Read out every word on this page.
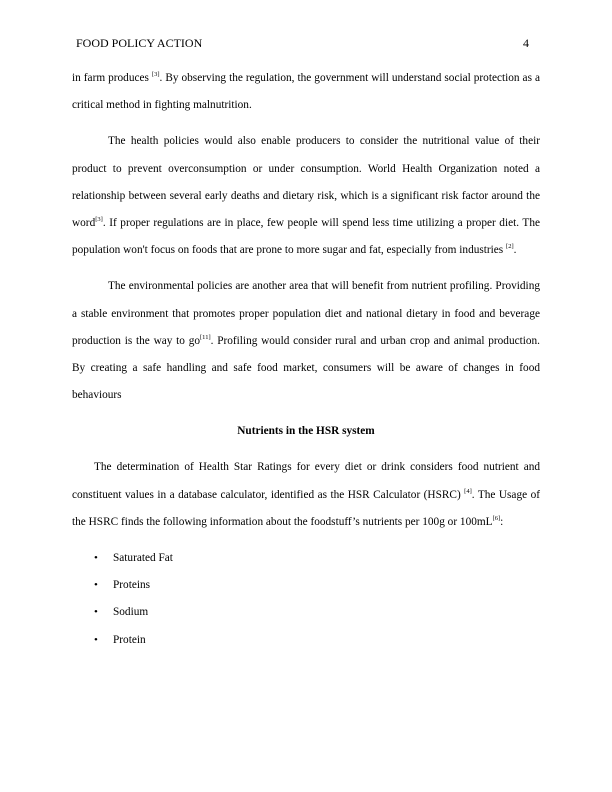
FOOD POLICY ACTION	4

in farm produces [3]. By observing the regulation, the government will understand social protection as a critical method in fighting malnutrition.

The health policies would also enable producers to consider the nutritional value of their product to prevent overconsumption or under consumption. World Health Organization noted a relationship between several early deaths and dietary risk, which is a significant risk factor around the word[3]. If proper regulations are in place, few people will spend less time utilizing a proper diet. The population won't focus on foods that are prone to more sugar and fat, especially from industries [2].

The environmental policies are another area that will benefit from nutrient profiling. Providing a stable environment that promotes proper population diet and national dietary in food and beverage production is the way to go[11]. Profiling would consider rural and urban crop and animal production. By creating a safe handling and safe food market, consumers will be aware of changes in food behaviours

Nutrients in the HSR system

The determination of Health Star Ratings for every diet or drink considers food nutrient and constituent values in a database calculator, identified as the HSR Calculator (HSRC) [4]. The Usage of the HSRC finds the following information about the foodstuff’s nutrients per 100g or 100mL[6]:

• Saturated Fat
• Proteins
• Sodium
• Protein
